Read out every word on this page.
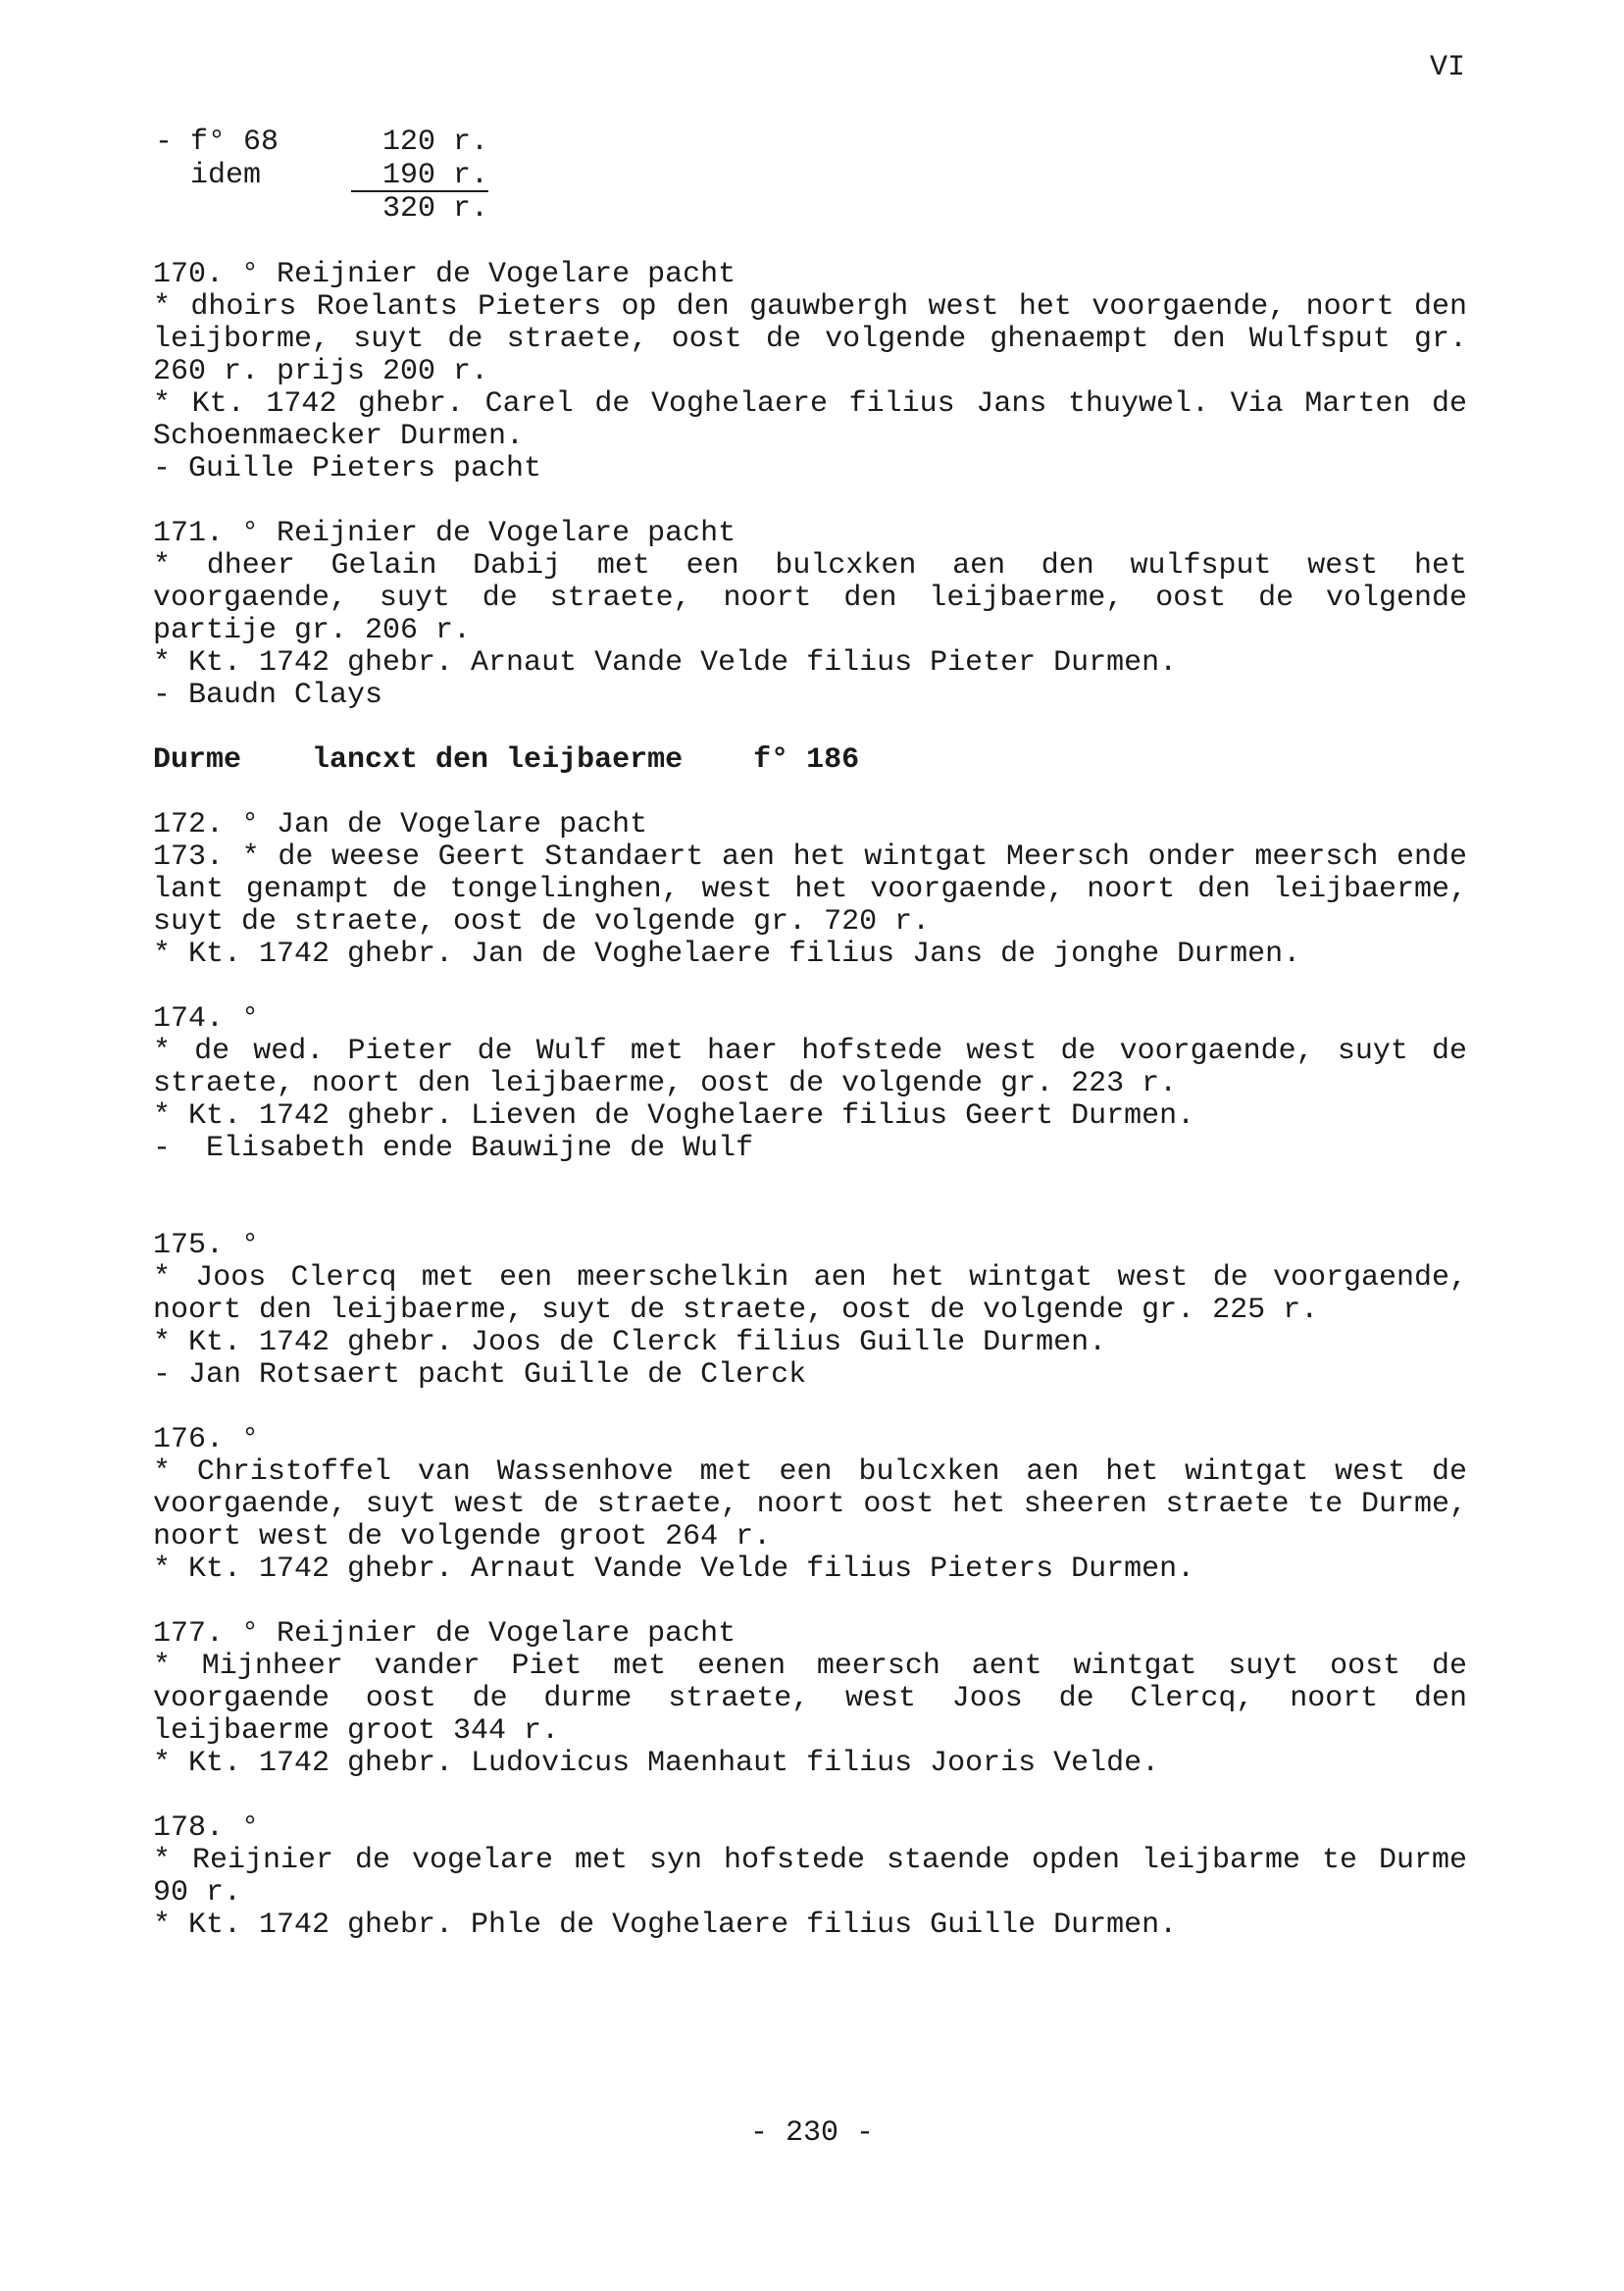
VI
- f° 68	120 r.
idem	190 r.
320 r.
170. ° Reijnier de Vogelare pacht
* dhoirs Roelants Pieters op den gauwbergh west het voorgaende, noort den leijborme, suyt de straete, oost de volgende ghenaempt den Wulfsput gr. 260 r. prijs 200 r.
* Kt. 1742 ghebr. Carel de Voghelaere filius Jans thuywel. Via Marten de Schoenmaecker Durmen.
- Guille Pieters pacht
171. ° Reijnier de Vogelare pacht
* dheer Gelain Dabij met een bulcxken aen den wulfsput west het voorgaende, suyt de straete, noort den leijbaerme, oost de volgende partije gr. 206 r.
* Kt. 1742 ghebr. Arnaut Vande Velde filius Pieter Durmen.
- Baudn Clays
Durme    lancxt den leijbaerme    f° 186
172. ° Jan de Vogelare pacht
173. * de weese Geert Standaert aen het wintgat Meersch onder meersch ende lant genampt de tongelinghen, west het voorgaende, noort den leijbaerme, suyt de straete, oost de volgende gr. 720 r.
* Kt. 1742 ghebr. Jan de Voghelaere filius Jans de jonghe Durmen.
174. °
* de wed. Pieter de Wulf met haer hofstede west de voorgaende, suyt de straete, noort den leijbaerme, oost de volgende gr. 223 r.
* Kt. 1742 ghebr. Lieven de Voghelaere filius Geert Durmen.
-  Elisabeth ende Bauwijne de Wulf
175. °
* Joos Clercq met een meerschelkin aen het wintgat west de voorgaende, noort den leijbaerme, suyt de straete, oost de volgende gr. 225 r.
* Kt. 1742 ghebr. Joos de Clerck filius Guille Durmen.
- Jan Rotsaert pacht Guille de Clerck
176. °
* Christoffel van Wassenhove met een bulcxken aen het wintgat west de voorgaende, suyt west de straete, noort oost het sheeren straete te Durme, noort west de volgende groot 264 r.
* Kt. 1742 ghebr. Arnaut Vande Velde filius Pieters Durmen.
177. ° Reijnier de Vogelare pacht
* Mijnheer vander Piet met eenen meersch aent wintgat suyt oost de voorgaende oost de durme straete, west Joos de Clercq, noort den leijbaerme groot 344 r.
* Kt. 1742 ghebr. Ludovicus Maenhaut filius Jooris Velde.
178. °
* Reijnier de vogelare met syn hofstede staende opden leijbarme te Durme 90 r.
* Kt. 1742 ghebr. Phle de Voghelaere filius Guille Durmen.
- 230 -
